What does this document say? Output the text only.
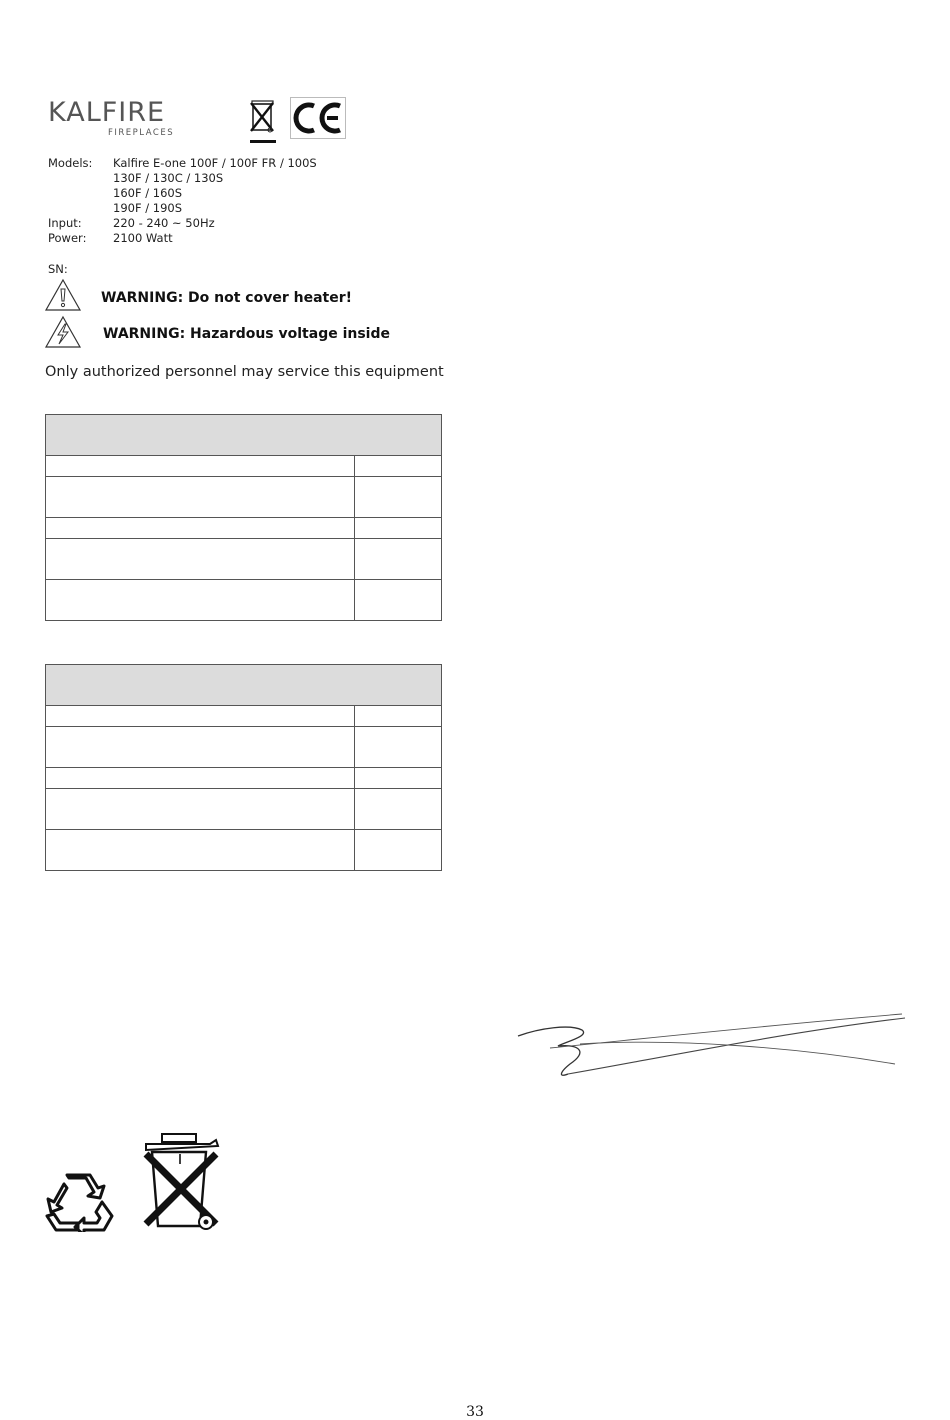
KALFIRE
FIREPLACES
Models: Kalfire E-one 100F / 100F FR / 100S
130F / 130C / 130S
160F / 160S
190F / 190S
Input:	220 - 240 ~ 50Hz
Power: 2100 Watt
SN:
WARNING: Do not cover heater!
WARNING: Hazardous voltage inside
Only authorized personnel may service this equipment

33
